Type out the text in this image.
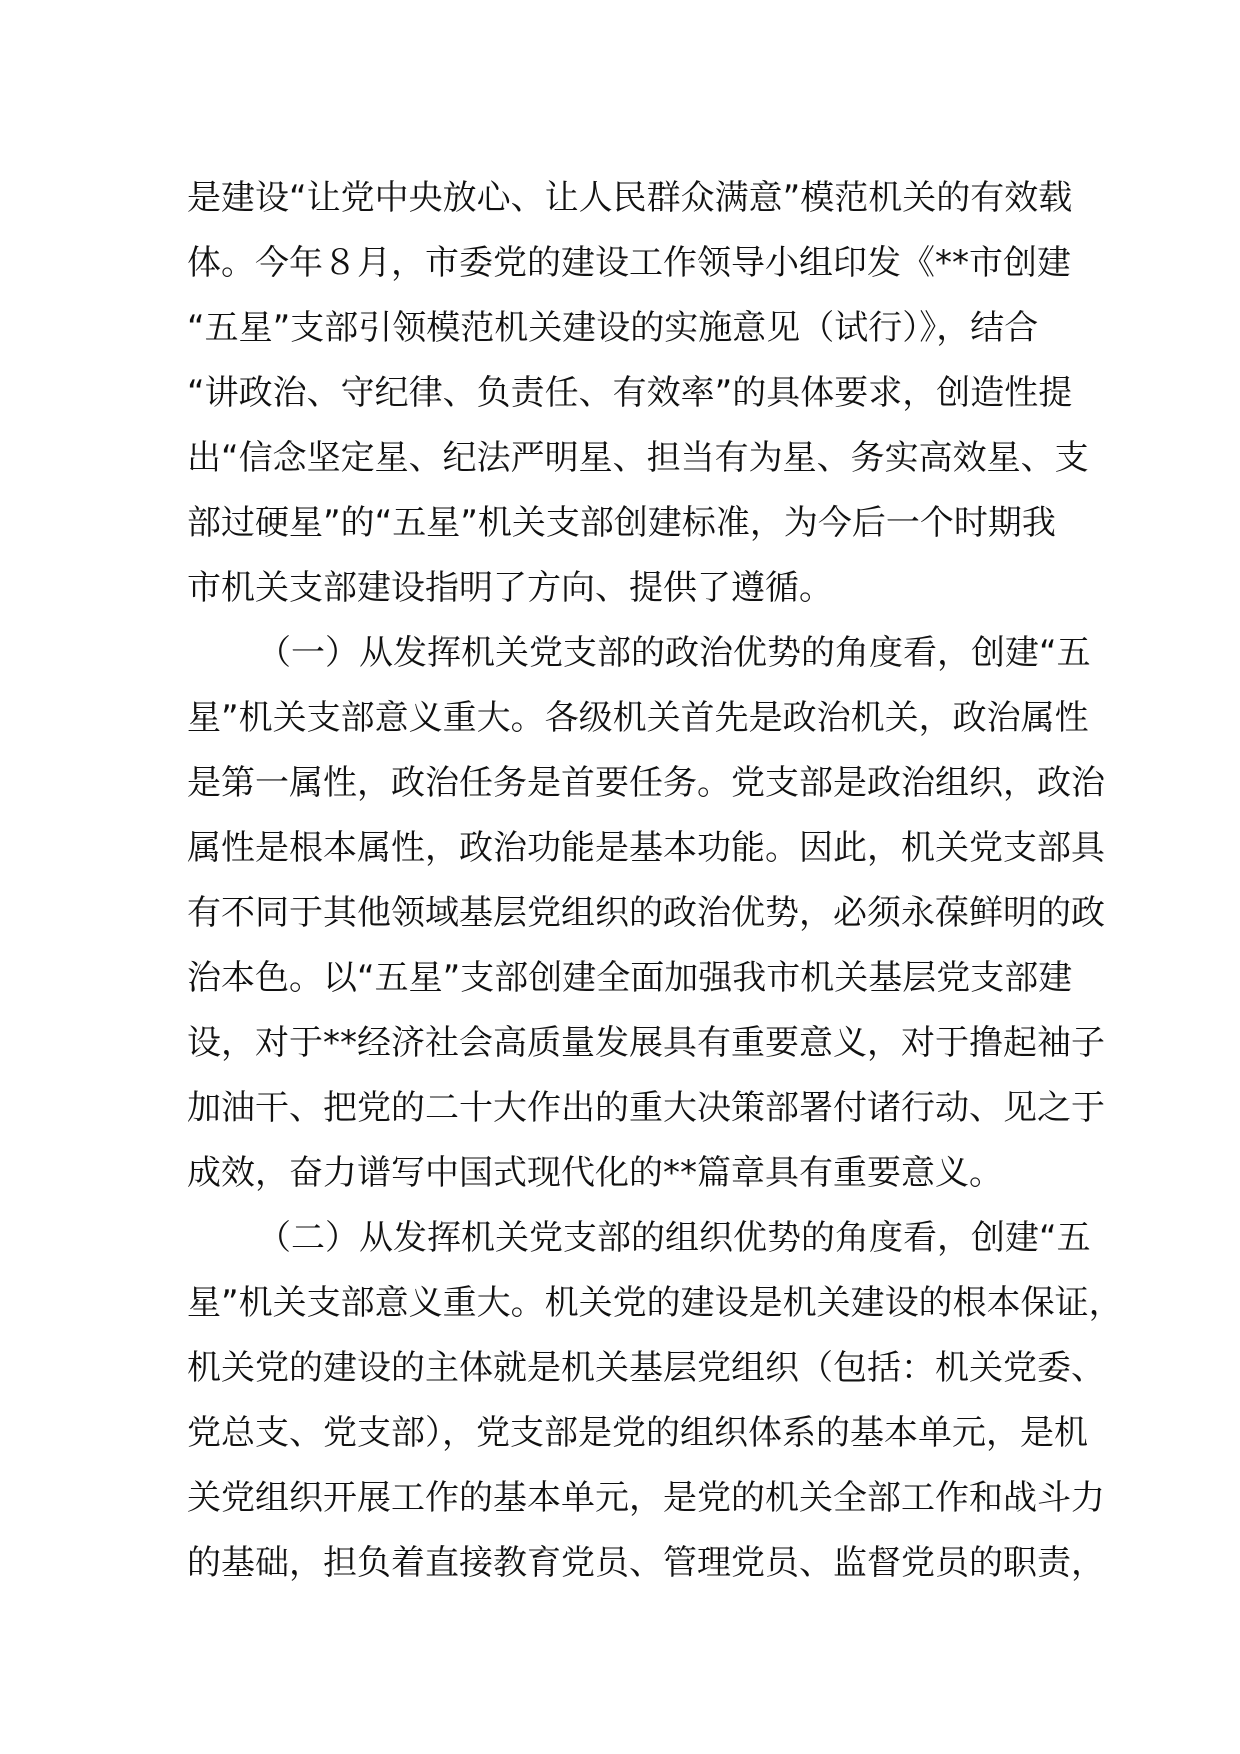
是建设“让党中央放心、让人民群众满意”模范机关的有效载
体。今年８月，市委党的建设工作领导小组印发《**市创建
“五星”支部引领模范机关建设的实施意见（试行）》，结合
“讲政治、守纪律、负责任、有效率”的具体要求，创造性提
出“信念坚定星、纪法严明星、担当有为星、务实高效星、支
部过硬星”的“五星”机关支部创建标准，为今后一个时期我
市机关支部建设指明了方向、提供了遵循。
（一）从发挥机关党支部的政治优势的角度看，创建“五
星”机关支部意义重大。各级机关首先是政治机关，政治属性
是第一属性，政治任务是首要任务。党支部是政治组织，政治
属性是根本属性，政治功能是基本功能。因此，机关党支部具
有不同于其他领域基层党组织的政治优势，必须永葆鲜明的政
治本色。以“五星”支部创建全面加强我市机关基层党支部建
设，对于**经济社会高质量发展具有重要意义，对于撸起袖子
加油干、把党的二十大作出的重大决策部署付诸行动、见之于
成效，奋力谱写中国式现代化的**篇章具有重要意义。
（二）从发挥机关党支部的组织优势的角度看，创建“五
星”机关支部意义重大。机关党的建设是机关建设的根本保证，
机关党的建设的主体就是机关基层党组织（包括：机关党委、
党总支、党支部），党支部是党的组织体系的基本单元，是机
关党组织开展工作的基本单元，是党的机关全部工作和战斗力
的基础，担负着直接教育党员、管理党员、监督党员的职责，
